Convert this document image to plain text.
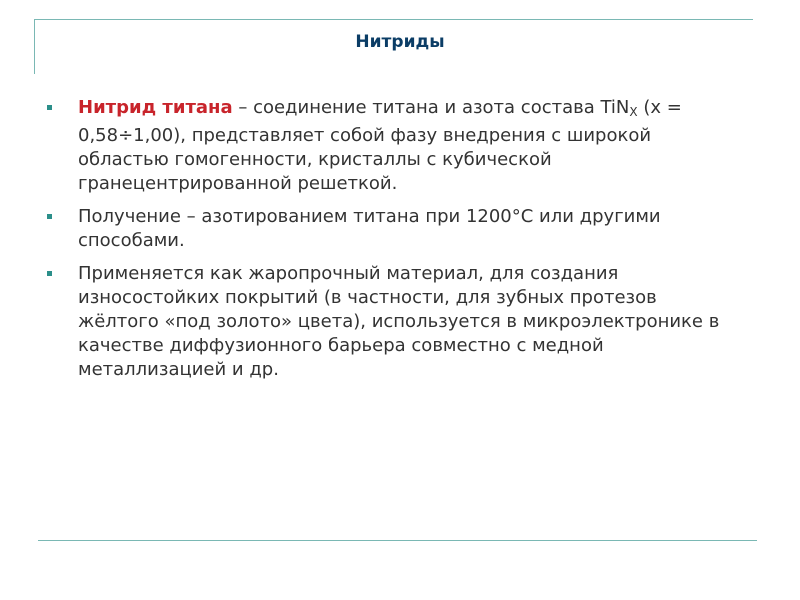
Нитриды
Нитрид титана – соединение титана и азота состава TiN$_X$ (x = 0,58÷1,00), представляет собой фазу внедрения с широкой областью гомогенности, кристаллы с кубической гранецентрированной решеткой.
Получение – азотированием титана при 1200°С или другими способами.
Применяется как жаропрочный материал, для создания износостойких покрытий (в частности, для зубных протезов жёлтого «под золото» цвета), используется в микроэлектронике в качестве диффузионного барьера совместно с медной металлизацией и др.
